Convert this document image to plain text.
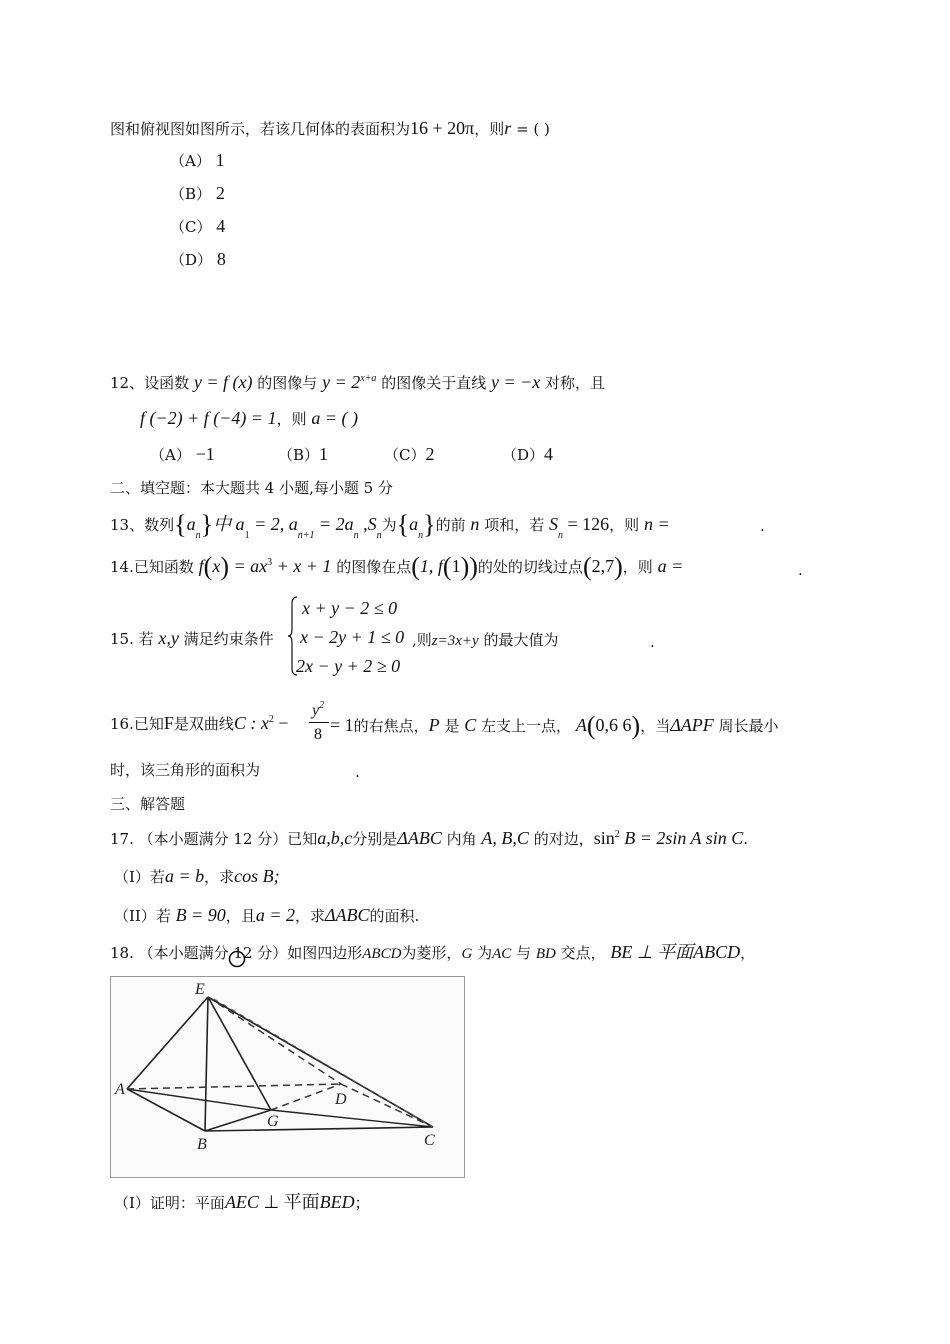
图和俯视图如图所示，若该几何体的表面积为16 + 20π，则r = ( )
（A） 1
（B） 2
（C） 4
（D） 8
12、设函数 y = f (x) 的图像与 $y = 2^{x+a}$ 的图像关于直线 y = −x 对称，且
f (−2) + f (−4) = 1，则 a = ( )
（A） −1	（B）1	（C）2	（D）4
二、填空题：本大题共 4 小题,每小题 5 分
13、数列$\{a_n\}$中 $a_1 = 2$, $a_{n+1} = 2a_n$ $,S_n$为$\{a_n\}$的前 n 项和，若 $S_n = 126$，则 n =	.
14.已知函数 $f(x) = ax^3 + x + 1$ 的图像在点(1, f(1))的处的切线过点(2,7)，则 a =	.
15. 若 x,y 满足约束条件
x + y − 2 ≤ 0
x − 2y + 1 ≤ 0
2x − y + 2 ≥ 0
,则z=3x+y 的最大值为	.
16.已知F是双曲线C : $x^2$ −
$y^2$
8 = 1的右焦点，P 是 C 左支上一点， A(0,6 6)，当ΔAPF 周长最小
时，该三角形的面积为	.
三、解答题
17. （本小题满分 12 分）已知a,b,c分别是ΔABC 内角 A, B,C 的对边，$\sin^2 B = 2\sin$ A sin C.
（I）若a = b，求cos B;
（II）若 B = 90，且a = 2，求ΔABC的面积.
18. （本小题满分 12 分）如图四边形ABCD为菱形，G 为AC 与 BD 交点， BE ⊥ 平面ABCD，
E
A
B
G
D
C
（I）证明：平面AEC ⊥ 平面BED；
